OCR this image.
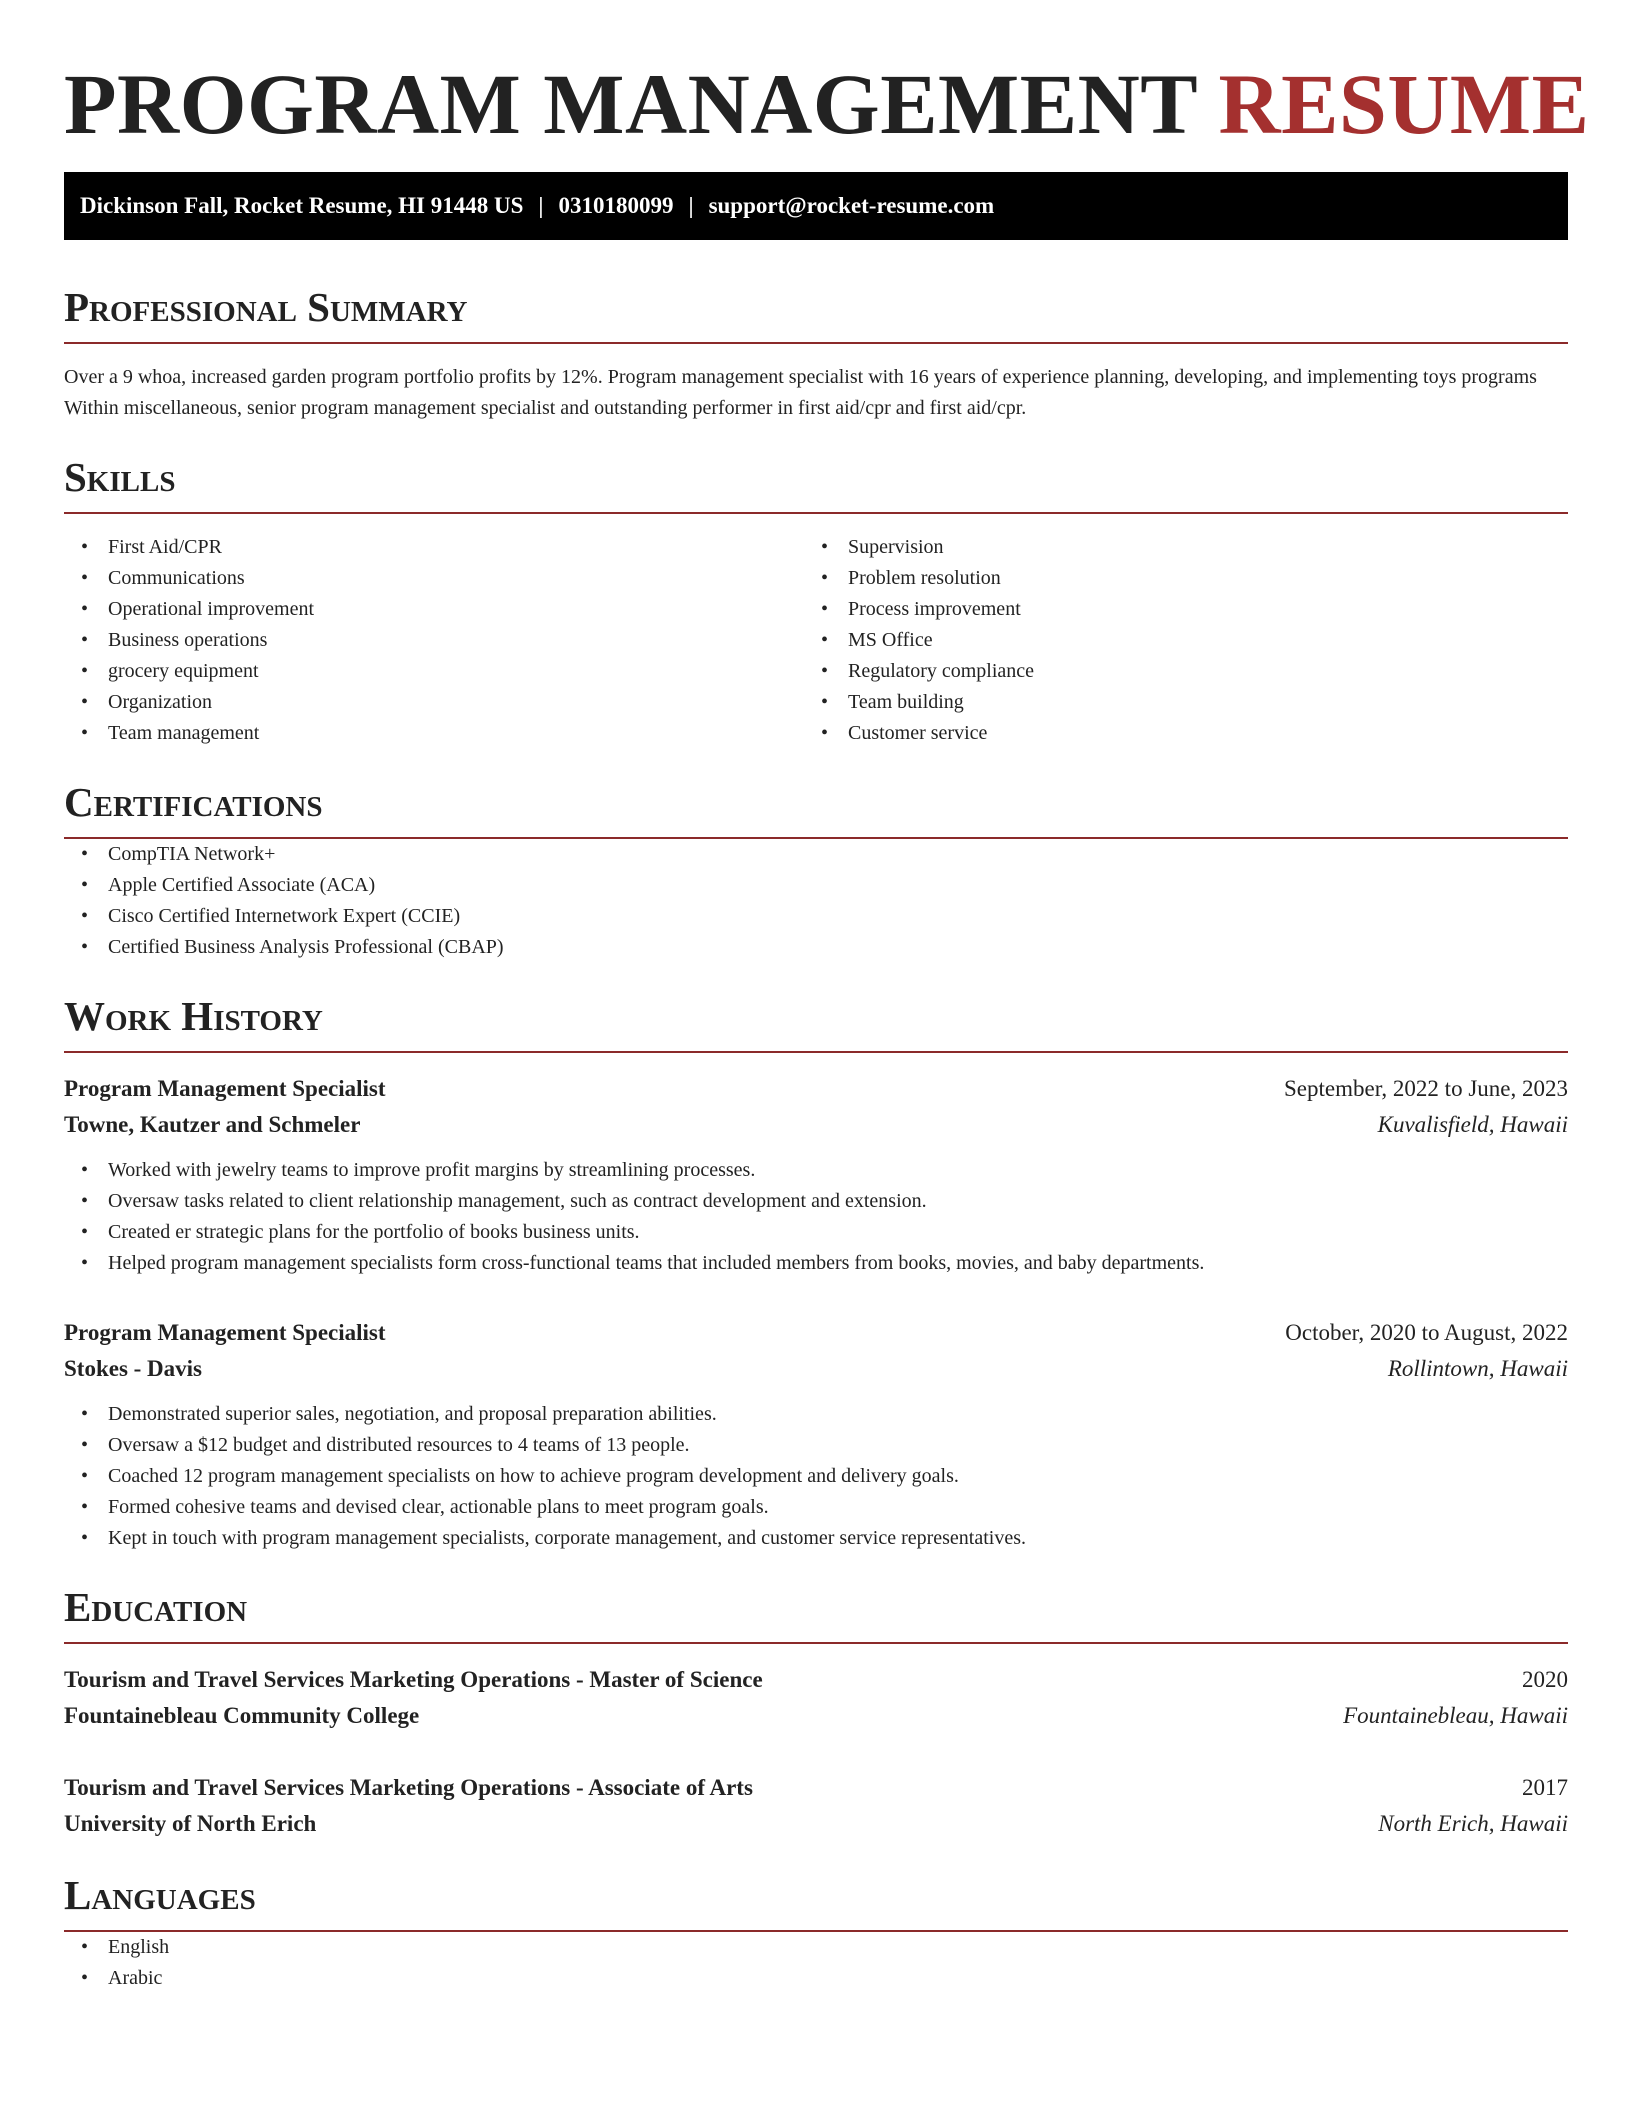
PROGRAM MANAGEMENT RESUME
Dickinson Fall, Rocket Resume, HI 91448 US | 0310180099 | support@rocket-resume.com
Professional Summary

Over a 9 whoa, increased garden program portfolio profits by 12%. Program management specialist with 16 years of experience planning, developing, and implementing toys programs Within miscellaneous, senior program management specialist and outstanding performer in first aid/cpr and first aid/cpr.

Skills
• First Aid/CPR
• Communications
• Operational improvement
• Business operations
• grocery equipment
• Organization
• Team management
• Supervision
• Problem resolution
• Process improvement
• MS Office
• Regulatory compliance
• Team building
• Customer service
Certifications
• CompTIA Network+
• Apple Certified Associate (ACA)
• Cisco Certified Internetwork Expert (CCIE)
• Certified Business Analysis Professional (CBAP)
Work History
Program Management Specialist	September, 2022 to June, 2023
Towne, Kautzer and Schmeler	Kuvalisfield, Hawaii
• Worked with jewelry teams to improve profit margins by streamlining processes.
• Oversaw tasks related to client relationship management, such as contract development and extension.
• Created er strategic plans for the portfolio of books business units.
• Helped program management specialists form cross-functional teams that included members from books, movies, and baby departments.
Program Management Specialist	October, 2020 to August, 2022
Stokes - Davis	Rollintown, Hawaii
• Demonstrated superior sales, negotiation, and proposal preparation abilities.
• Oversaw a $12 budget and distributed resources to 4 teams of 13 people.
• Coached 12 program management specialists on how to achieve program development and delivery goals.
• Formed cohesive teams and devised clear, actionable plans to meet program goals.
• Kept in touch with program management specialists, corporate management, and customer service representatives.
Education
Tourism and Travel Services Marketing Operations - Master of Science	2020
Fountainebleau Community College	Fountainebleau, Hawaii
Tourism and Travel Services Marketing Operations - Associate of Arts	2017
University of North Erich	North Erich, Hawaii
Languages
• English
• Arabic
